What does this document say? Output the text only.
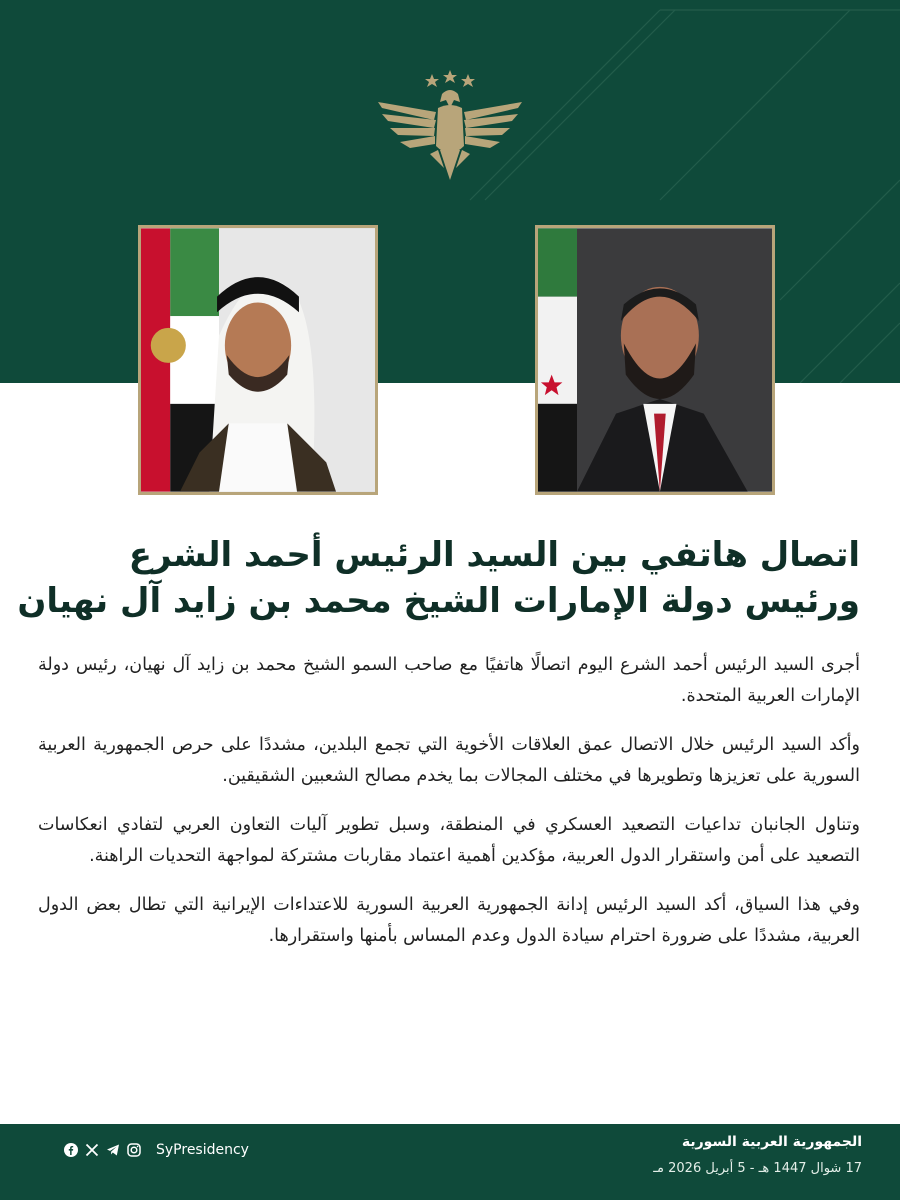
اتصال هاتفي بين السيد الرئيس أحمد الشرع
ورئيس دولة الإمارات الشيخ محمد بن زايد آل نهيان

أجرى السيد الرئيس أحمد الشرع اليوم اتصالًا هاتفيًا مع صاحب السمو الشيخ محمد بن زايد آل نهيان، رئيس دولة الإمارات العربية المتحدة.

وأكد السيد الرئيس خلال الاتصال عمق العلاقات الأخوية التي تجمع البلدين، مشددًا على حرص الجمهورية العربية السورية على تعزيزها وتطويرها في مختلف المجالات بما يخدم مصالح الشعبين الشقيقين.

وتناول الجانبان تداعيات التصعيد العسكري في المنطقة، وسبل تطوير آليات التعاون العربي لتفادي انعكاسات التصعيد على أمن واستقرار الدول العربية، مؤكدين أهمية اعتماد مقاربات مشتركة لمواجهة التحديات الراهنة.

وفي هذا السياق، أكد السيد الرئيس إدانة الجمهورية العربية السورية للاعتداءات الإيرانية التي تطال بعض الدول العربية، مشددًا على ضرورة احترام سيادة الدول وعدم المساس بأمنها واستقرارها.

SyPresidency	الجمهورية العربية السورية
17 شوال 1447 هـ - 5 أبريل 2026 مـ
